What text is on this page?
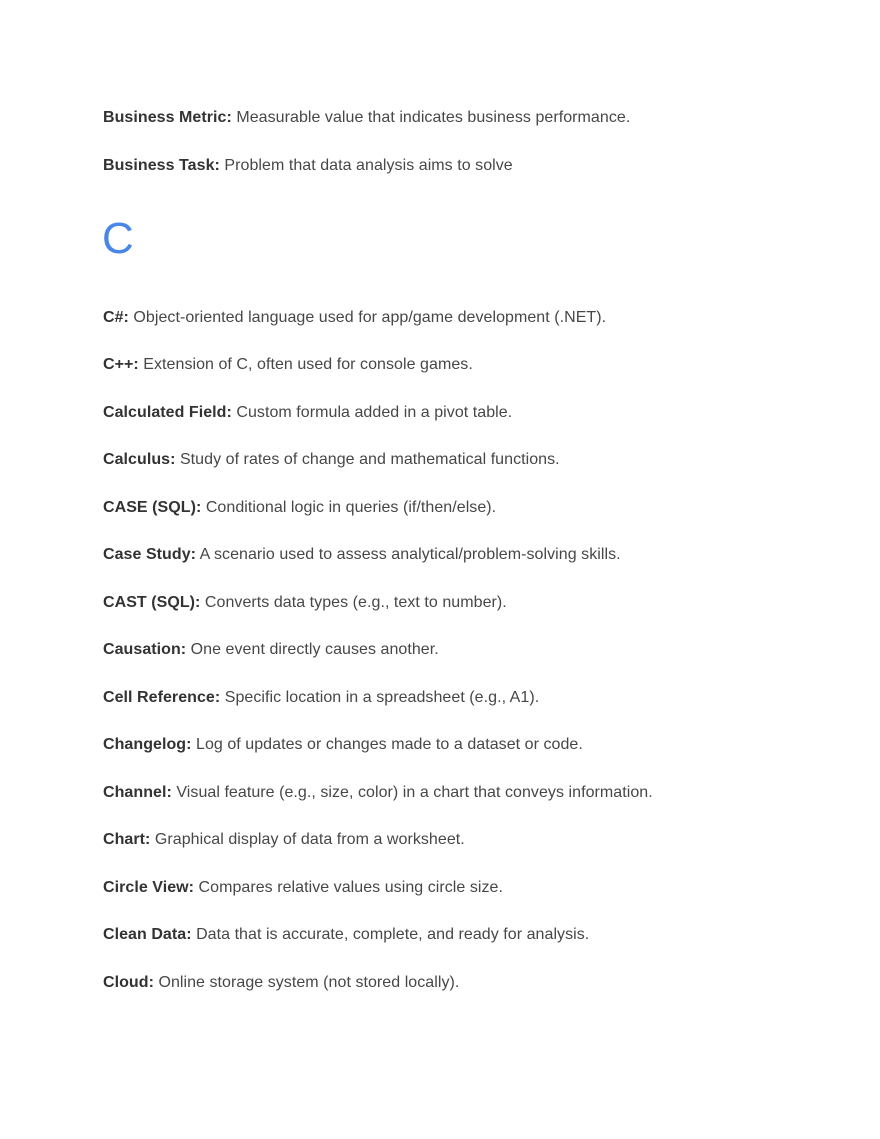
Business Metric: Measurable value that indicates business performance.

Business Task: Problem that data analysis aims to solve

C

C#: Object-oriented language used for app/game development (.NET).

C++: Extension of C, often used for console games.

Calculated Field: Custom formula added in a pivot table.

Calculus: Study of rates of change and mathematical functions.

CASE (SQL): Conditional logic in queries (if/then/else).

Case Study: A scenario used to assess analytical/problem-solving skills.

CAST (SQL): Converts data types (e.g., text to number).

Causation: One event directly causes another.

Cell Reference: Specific location in a spreadsheet (e.g., A1).

Changelog: Log of updates or changes made to a dataset or code.

Channel: Visual feature (e.g., size, color) in a chart that conveys information.

Chart: Graphical display of data from a worksheet.

Circle View: Compares relative values using circle size.

Clean Data: Data that is accurate, complete, and ready for analysis.

Cloud: Online storage system (not stored locally).
